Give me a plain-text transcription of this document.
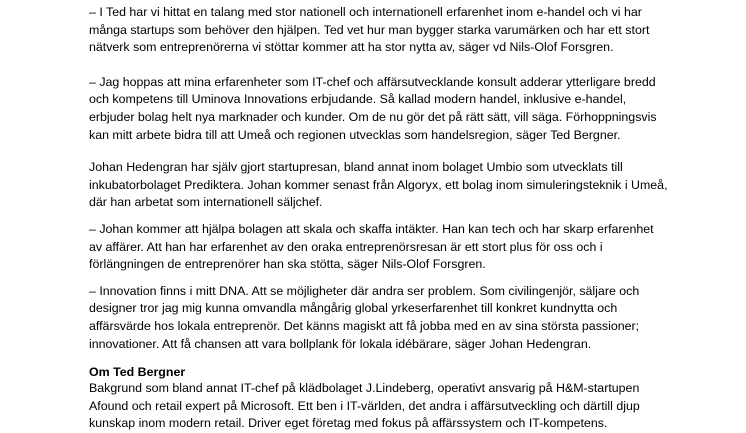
– I Ted har vi hittat en talang med stor nationell och internationell erfarenhet inom e-handel och vi har många startups som behöver den hjälpen. Ted vet hur man bygger starka varumärken och har ett stort nätverk som entreprenörerna vi stöttar kommer att ha stor nytta av, säger vd Nils-Olof Forsgren.

– Jag hoppas att mina erfarenheter som IT-chef och affärsutvecklande konsult adderar ytterligare bredd och kompetens till Uminova Innovations erbjudande. Så kallad modern handel, inklusive e-handel, erbjuder bolag helt nya marknader och kunder. Om de nu gör det på rätt sätt, vill säga. Förhoppningsvis kan mitt arbete bidra till att Umeå och regionen utvecklas som handelsregion, säger Ted Bergner.

Johan Hedengran har själv gjort startupresan, bland annat inom bolaget Umbio som utvecklats till inkubatorbolaget Prediktera. Johan kommer senast från Algoryx, ett bolag inom simuleringsteknik i Umeå, där han arbetat som internationell säljchef.

– Johan kommer att hjälpa bolagen att skala och skaffa intäkter. Han kan tech och har skarp erfarenhet av affärer. Att han har erfarenhet av den oraka entreprenörsresan är ett stort plus för oss och i förlängningen de entreprenörer han ska stötta, säger Nils-Olof Forsgren.

– Innovation finns i mitt DNA. Att se möjligheter där andra ser problem. Som civilingenjör, säljare och designer tror jag mig kunna omvandla mångårig global yrkeserfarenhet till konkret kundnytta och affärsvärde hos lokala entreprenör. Det känns magiskt att få jobba med en av sina största passioner; innovationer. Att få chansen att vara bollplank för lokala idébärare, säger Johan Hedengran.

Om Ted Bergner

Bakgrund som bland annat IT-chef på klädbolaget J.Lindeberg, operativt ansvarig på H&M-startupen Afound och retail expert på Microsoft. Ett ben i IT-världen, det andra i affärsutveckling och därtill djup kunskap inom modern retail. Driver eget företag med fokus på affärssystem och IT-kompetens.
